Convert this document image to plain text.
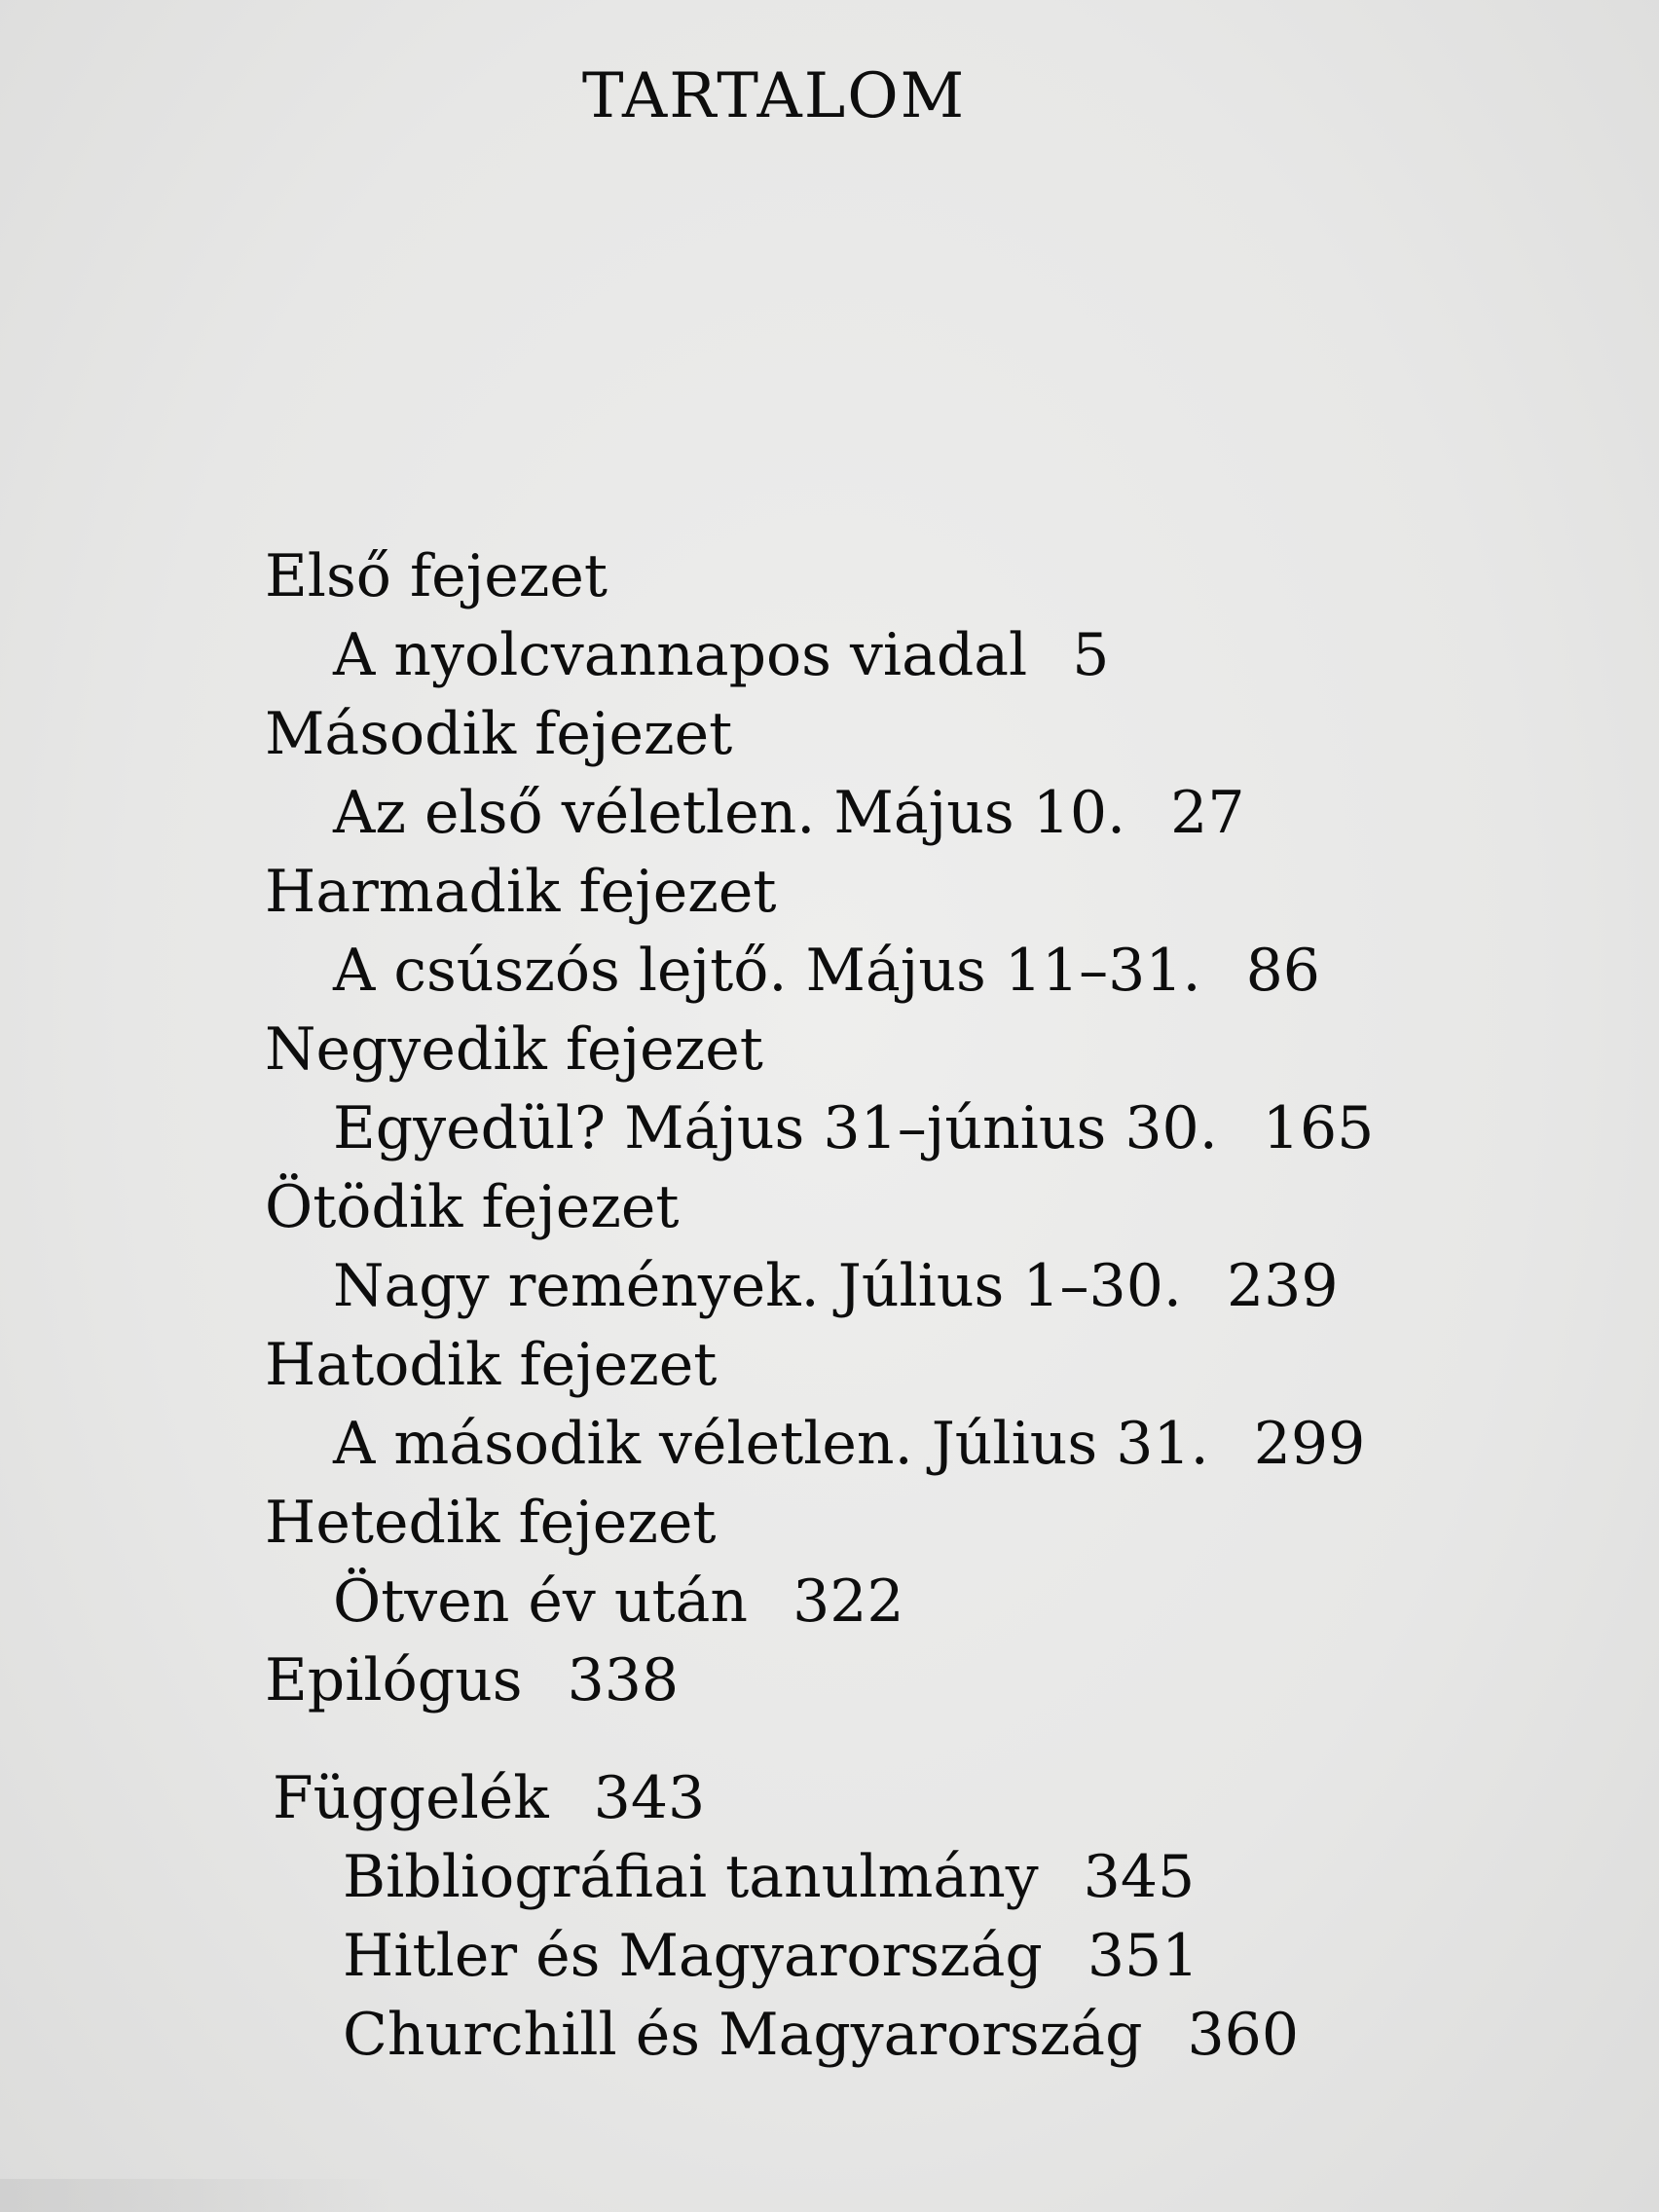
TARTALOM
Első fejezet
A nyolcvannapos viadal 5
Második fejezet
Az első véletlen. Május 10. 27
Harmadik fejezet
A csúszós lejtő. Május 11–31. 86
Negyedik fejezet
Egyedül? Május 31–június 30. 165
Ötödik fejezet
Nagy remények. Július 1–30. 239
Hatodik fejezet
A második véletlen. Július 31. 299
Hetedik fejezet
Ötven év után 322
Epilógus 338
Függelék 343
Bibliográfiai tanulmány 345
Hitler és Magyarország 351
Churchill és Magyarország 360
